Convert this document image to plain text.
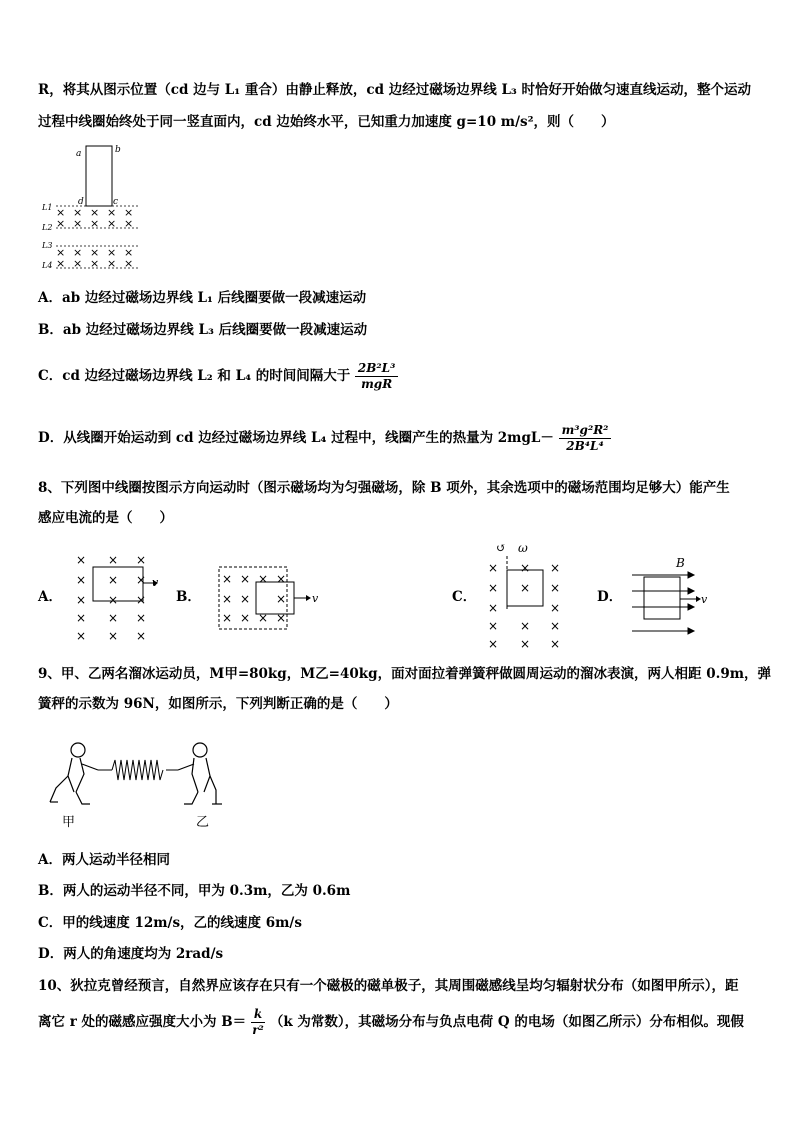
R，将其从图示位置（cd 边与 L₁ 重合）由静止释放，cd 边经过磁场边界线 L₃ 时恰好开始做匀速直线运动，整个运动
过程中线圈始终处于同一竖直面内，cd 边始终水平，已知重力加速度 g=10 m/s²，则（　　）
a	b
d	c
× × × × ×
× × × × ×
× × × × ×
× × × × ×
L1
L2
L3
L4
A．ab 边经过磁场边界线 L₁ 后线圈要做一段减速运动
B．ab 边经过磁场边界线 L₃ 后线圈要做一段减速运动
C．cd 边经过磁场边界线 L₂ 和 L₄ 的时间间隔大于 $\frac{\text{2B²L³}}{\text{mgR}}$
D．从线圈开始运动到 cd 边经过磁场边界线 L₄ 过程中，线圈产生的热量为 $2mgL- \frac{\text{m³g²R²}}{\text{2B⁴L⁴}}$
8、下列图中线圈按图示方向运动时（图示磁场均为匀强磁场，除 B 项外，其余选项中的磁场范围均足够大）能产生
感应电流的是（　　）
A．
× × ×
× × ×
× × ×
× × ×
× × ×
v
B．
× × × ×
× × ×
× × × ×
v	C．
↺ ω
× × ×
× × ×
×	×
× × ×
× × ×
D．
B
v
9、甲、乙两名溜冰运动员，M甲=80kg，M乙=40kg，面对面拉着弹簧秤做圆周运动的溜冰表演，两人相距 0.9m，弹
簧秤的示数为 96N，如图所示，下列判断正确的是（　　）
甲	乙
A．两人运动半径相同
B．两人的运动半径不同，甲为 0.3m，乙为 0.6m
C．甲的线速度 12m/s，乙的线速度 6m/s
D．两人的角速度均为 2rad/s
10、狄拉克曾经预言，自然界应该存在只有一个磁极的磁单极子，其周围磁感线呈均匀辐射状分布（如图甲所示），距
离它 r 处的磁感应强度大小为 $B= \frac{k}{\text{r²}} (k$ 为常数），其磁场分布与负点电荷 Q 的电场（如图乙所示）分布相似。现假
